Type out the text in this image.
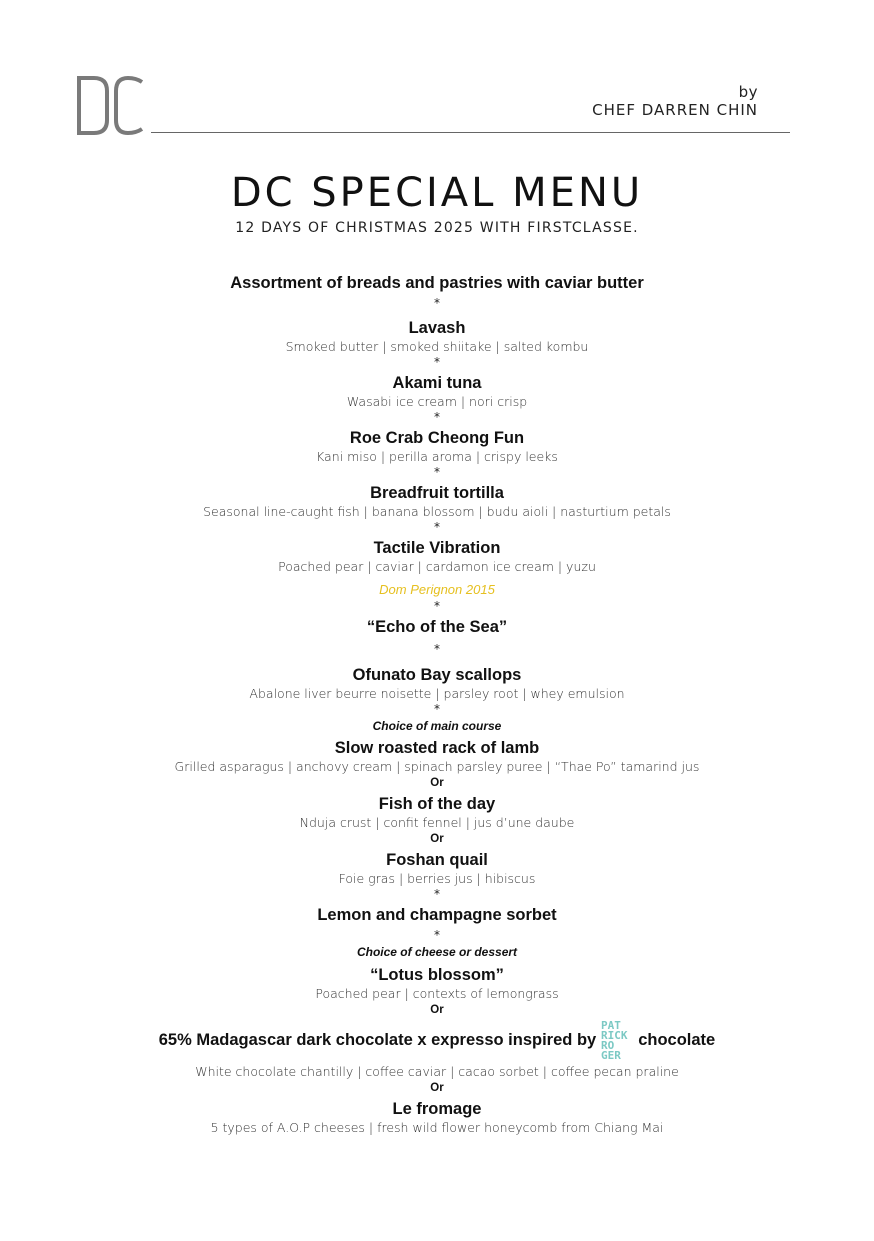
by
CHEF DARREN CHIN
DC SPECIAL MENU
12 DAYS OF CHRISTMAS 2025 WITH FIRSTCLASSE.
Assortment of breads and pastries with caviar butter
*
Lavash
Smoked butter | smoked shiitake | salted kombu
*
Akami tuna
Wasabi ice cream | nori crisp
*
Roe Crab Cheong Fun
Kani miso | perilla aroma | crispy leeks
*
Breadfruit tortilla
Seasonal line-caught fish | banana blossom | budu aioli | nasturtium petals
*
Tactile Vibration
Poached pear | caviar | cardamon ice cream | yuzu
Dom Perignon 2015
*
“Echo of the Sea”
*
Ofunato Bay scallops
Abalone liver beurre noisette | parsley root | whey emulsion
*
Choice of main course
Slow roasted rack of lamb
Grilled asparagus | anchovy cream | spinach parsley puree | “Thae Po” tamarind jus
Or
Fish of the day
Nduja crust | confit fennel | jus d’une daube
Or
Foshan quail
Foie gras | berries jus | hibiscus
*
Lemon and champagne sorbet
*
Choice of cheese or dessert
“Lotus blossom”
Poached pear | contexts of lemongrass
Or
65% Madagascar dark chocolate x expresso inspired by
PAT
RICK
RO
GER
chocolate
White chocolate chantilly | coffee caviar | cacao sorbet | coffee pecan praline
Or
Le fromage
5 types of A.O.P cheeses | fresh wild flower honeycomb from Chiang Mai
